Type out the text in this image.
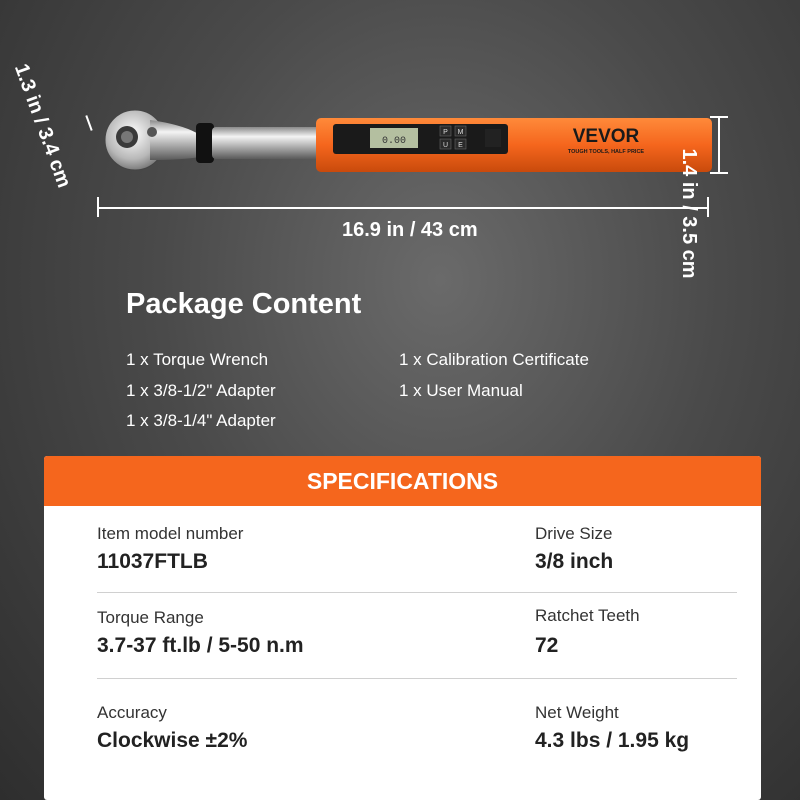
0.00
P M
U E	VEVOR
TOUGH TOOLS, HALF PRICE
16.9 in / 43 cm	1.4 in / 3.5 cm
1.3 in / 3.4 cm
Package Content
1 x Torque Wrench
1 x 3/8-1/2" Adapter
1 x 3/8-1/4" Adapter
1 x Calibration Certificate
1 x User Manual
SPECIFICATIONS
Item model number
11037FTLB
Drive Size
3/8 inch
Torque Range
3.7-37 ft.lb / 5-50 n.m
Ratchet Teeth
72
Accuracy
Clockwise ±2%
Net Weight
4.3 lbs / 1.95 kg
